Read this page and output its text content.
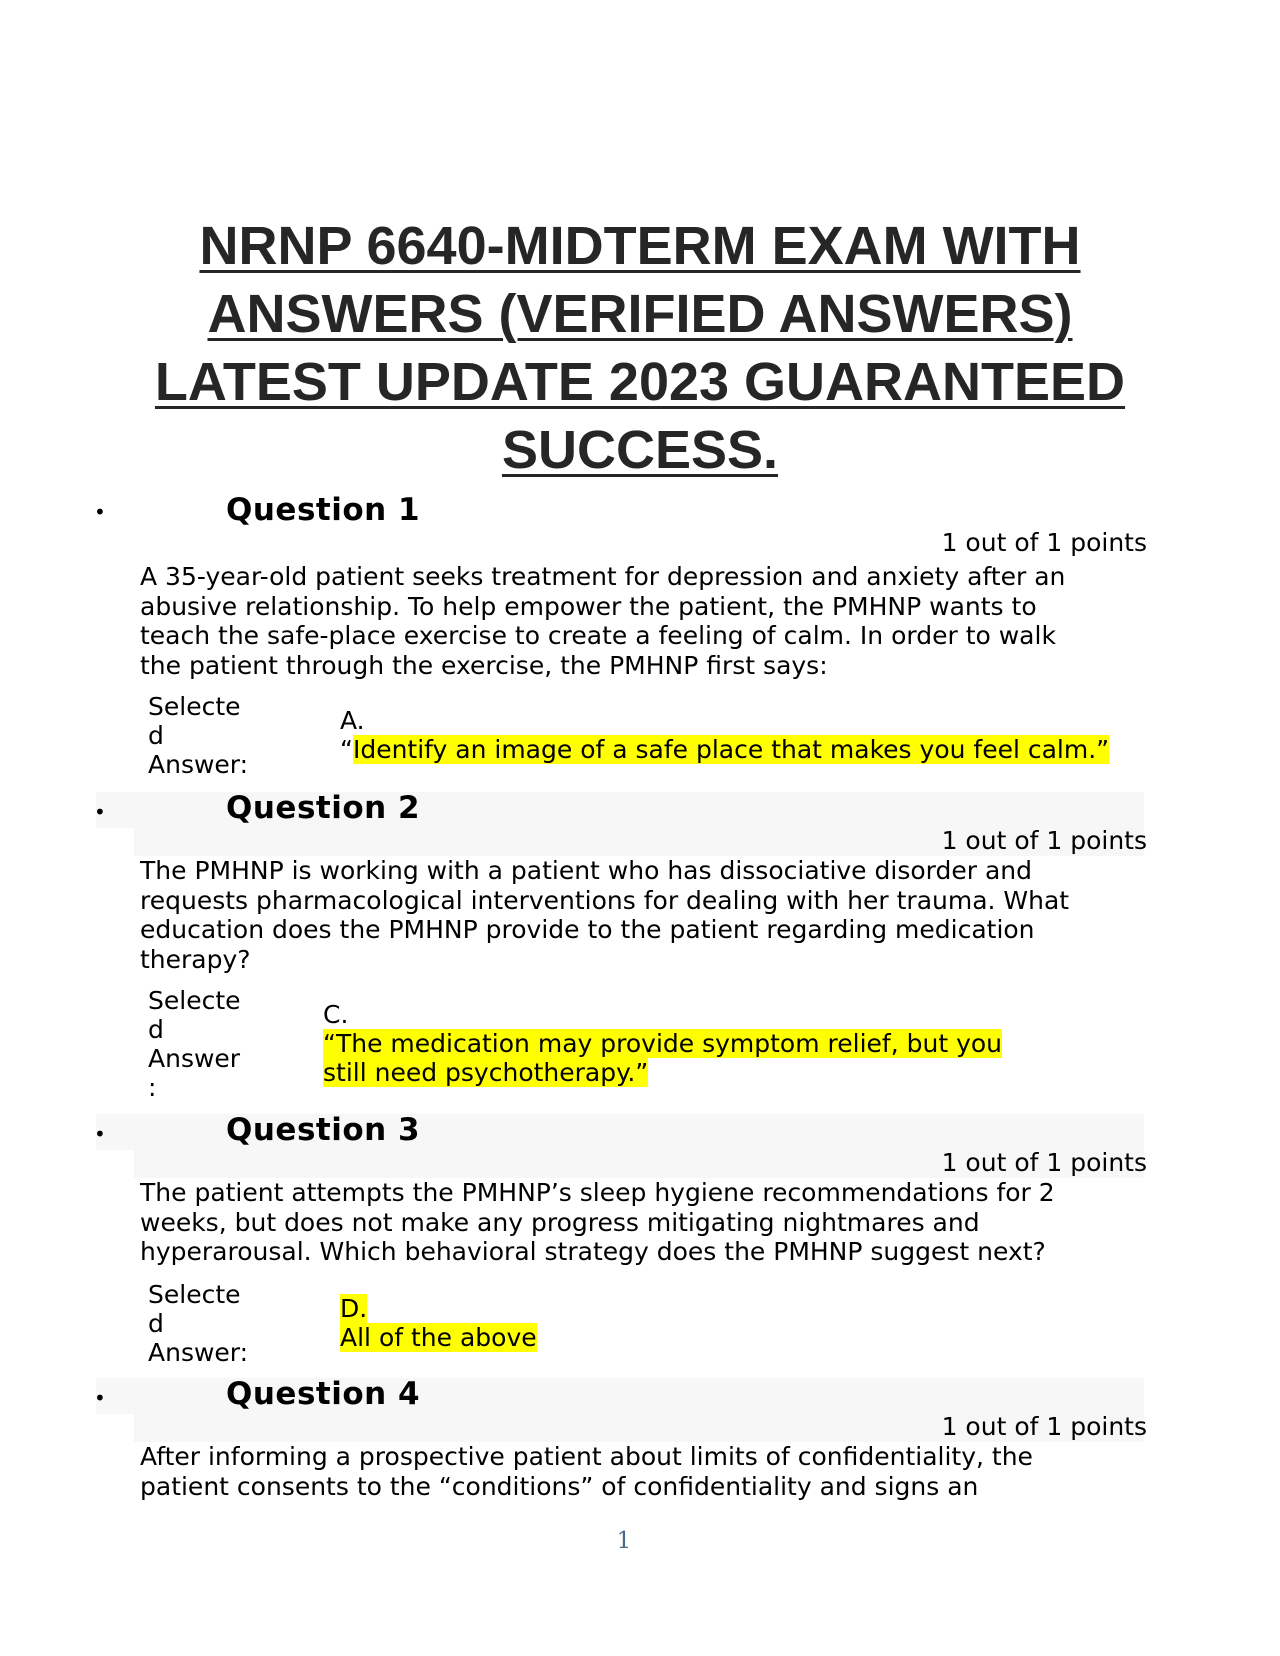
NRNP 6640-MIDTERM EXAM WITH
ANSWERS (VERIFIED ANSWERS)
LATEST UPDATE 2023 GUARANTEED
SUCCESS.
•	Question 1
1 out of 1 points
A 35-year-old patient seeks treatment for depression and anxiety after an abusive relationship. To help empower the patient, the PMHNP wants to teach the safe-place exercise to create a feeling of calm. In order to walk the patient through the exercise, the PMHNP first says:
Selecte
d
Answer:
A.
“Identify an image of a safe place that makes you feel calm.”
•	Question 2
1 out of 1 points
The PMHNP is working with a patient who has dissociative disorder and requests pharmacological interventions for dealing with her trauma. What education does the PMHNP provide to the patient regarding medication therapy?
Selecte
d
Answer
:
C.
“The medication may provide symptom relief, but you
still need psychotherapy.”
•	Question 3
1 out of 1 points
The patient attempts the PMHNP’s sleep hygiene recommendations for 2 weeks, but does not make any progress mitigating nightmares and hyperarousal. Which behavioral strategy does the PMHNP suggest next?
Selecte
d
Answer:
D.
All of the above
•	Question 4
1 out of 1 points
After informing a prospective patient about limits of confidentiality, the patient consents to the “conditions” of confidentiality and signs an
1
